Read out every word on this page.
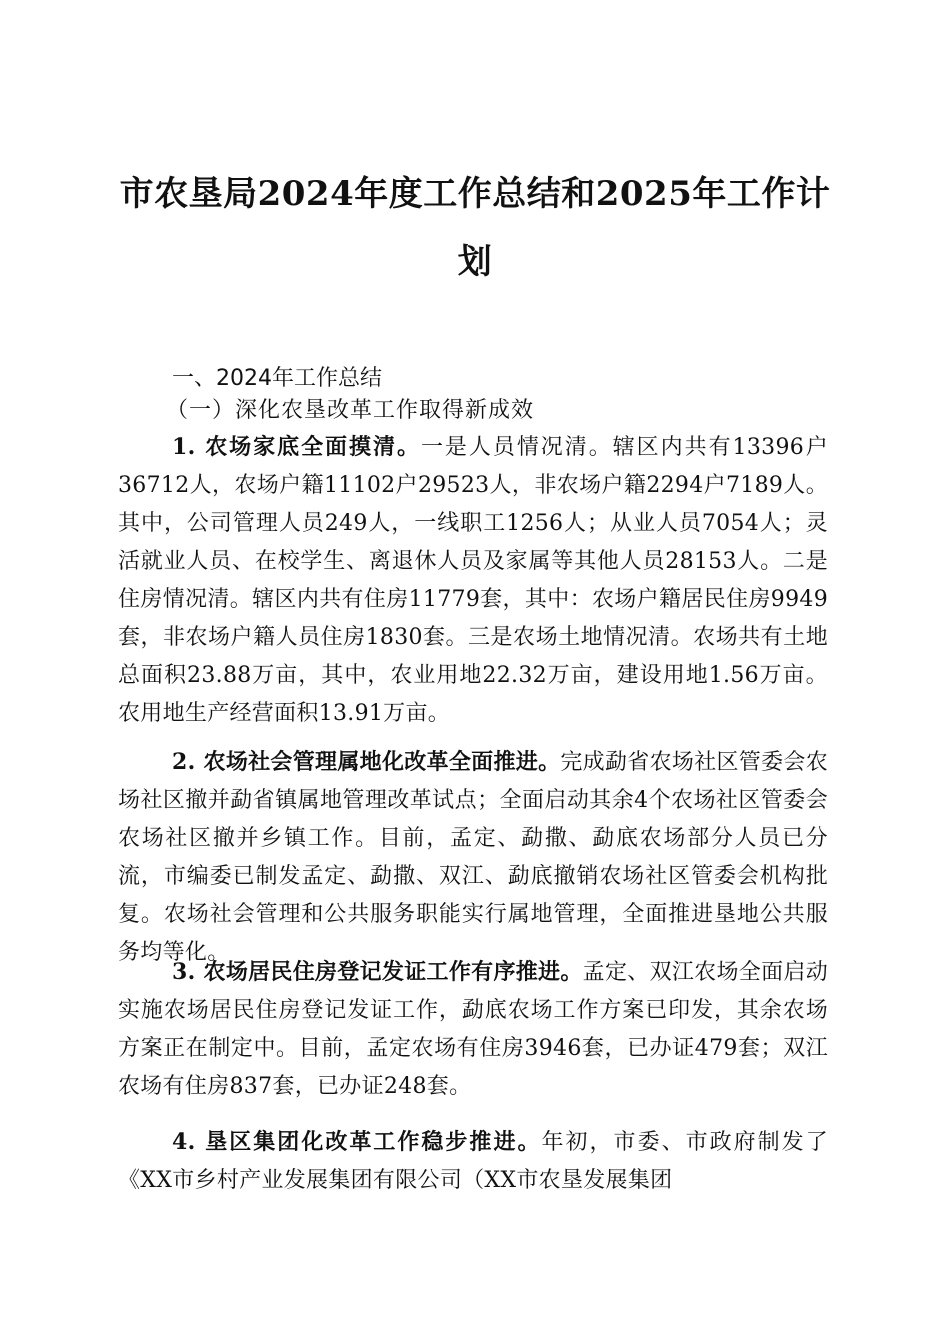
市农垦局2024年度工作总结和2025年工作计
划
一、2024年工作总结
（一）深化农垦改革工作取得新成效
1. 农场家底全面摸清。一是人员情况清。辖区内共有13396户36712人，农场户籍11102户29523人，非农场户籍2294户7189人。其中，公司管理人员249人，一线职工1256人；从业人员7054人；灵活就业人员、在校学生、离退休人员及家属等其他人员28153人。二是住房情况清。辖区内共有住房11779套，其中：农场户籍居民住房9949套，非农场户籍人员住房1830套。三是农场土地情况清。农场共有土地总面积23.88万亩，其中，农业用地22.32万亩，建设用地1.56万亩。农用地生产经营面积13.91万亩。
2. 农场社会管理属地化改革全面推进。完成勐省农场社区管委会农场社区撤并勐省镇属地管理改革试点；全面启动其余4个农场社区管委会农场社区撤并乡镇工作。目前，孟定、勐撒、勐底农场部分人员已分流，市编委已制发孟定、勐撒、双江、勐底撤销农场社区管委会机构批复。农场社会管理和公共服务职能实行属地管理，全面推进垦地公共服务均等化。
3. 农场居民住房登记发证工作有序推进。孟定、双江农场全面启动实施农场居民住房登记发证工作，勐底农场工作方案已印发，其余农场方案正在制定中。目前，孟定农场有住房3946套，已办证479套；双江农场有住房837套，已办证248套。
4. 垦区集团化改革工作稳步推进。年初，市委、市政府制发了《XX市乡村产业发展集团有限公司（XX市农垦发展集团
